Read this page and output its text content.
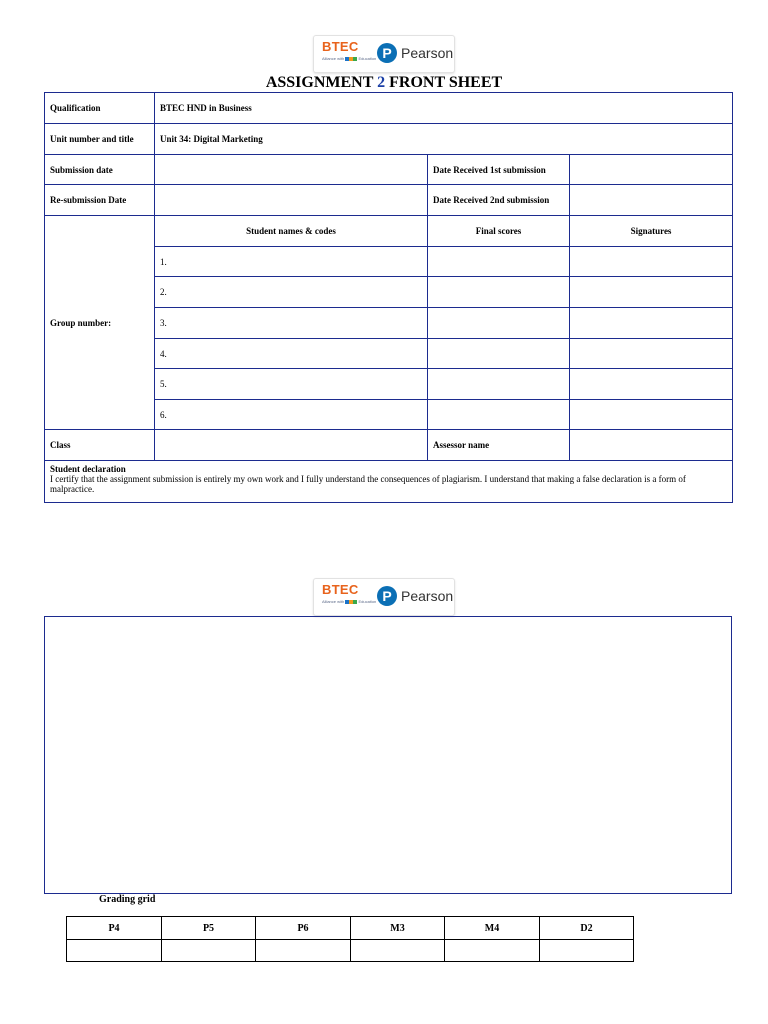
BTEC
Alliance with	Education P Pearson
ASSIGNMENT 2 FRONT SHEET
Qualification	BTEC HND in Business		
Unit number and title	Unit 34: Digital Marketing		
Submission date		Date Received 1st submission	
Re-submission Date		Date Received 2nd submission	
Group number:	Student names & codes	Final scores	Signatures
	1.		
	2.		
	3.		
	4.		
	5.		
	6.		
Class		Assessor name	

Student declaration
I certify that the assignment submission is entirely my own work and I fully understand the consequences of plagiarism. I understand that making a false declaration is a form of malpractice.			
BTEC
Alliance with	Education P Pearson
Grading grid
P4	P5	P6	M3	M4	D2
